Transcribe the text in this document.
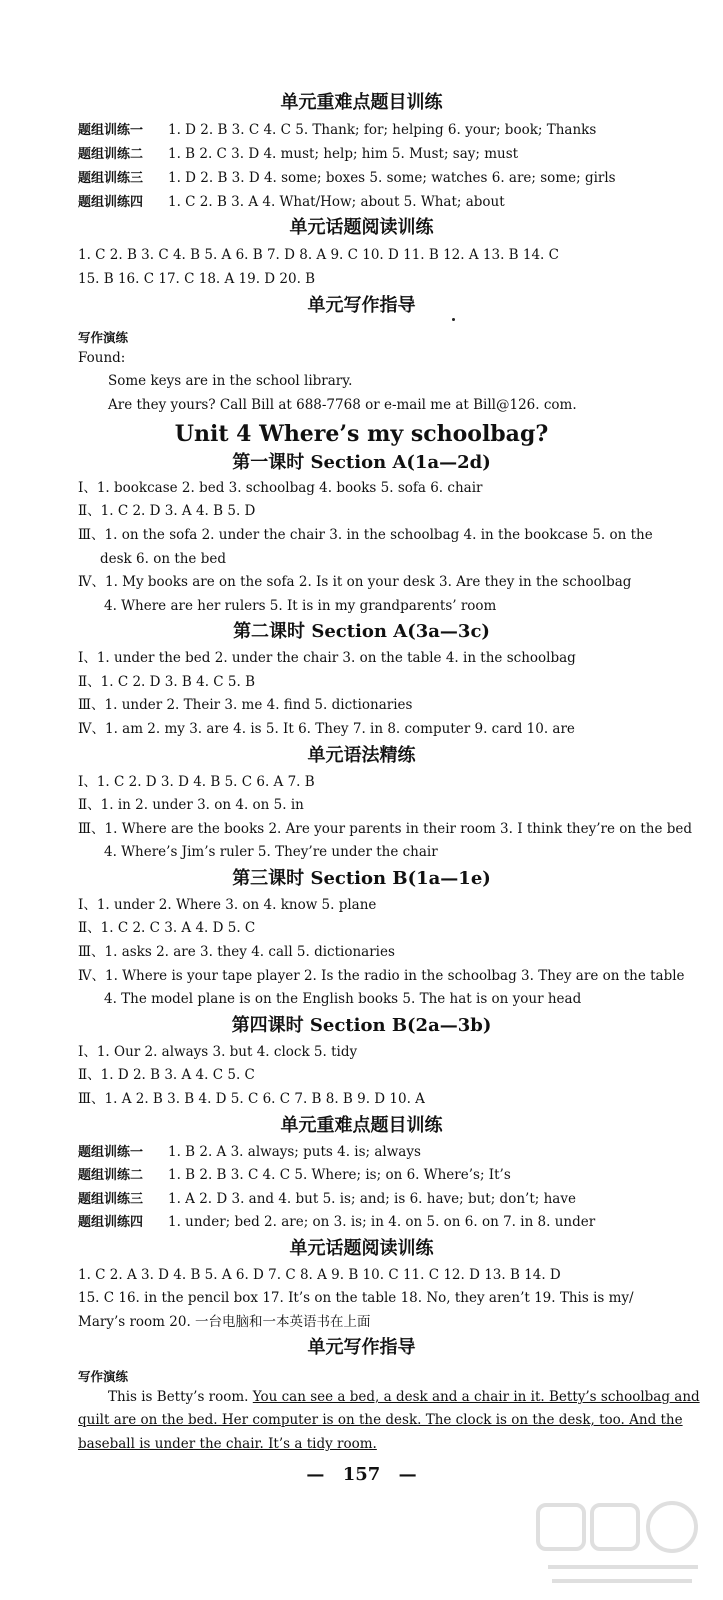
单元重难点题目训练
题组训练一 1. D 2. B 3. C 4. C 5. Thank; for; helping 6. your; book; Thanks
题组训练二 1. B 2. C 3. D 4. must; help; him 5. Must; say; must
题组训练三 1. D 2. B 3. D 4. some; boxes 5. some; watches 6. are; some; girls
题组训练四 1. C 2. B 3. A 4. What/How; about 5. What; about
单元话题阅读训练
1. C 2. B 3. C 4. B 5. A 6. B 7. D 8. A 9. C 10. D 11. B 12. A 13. B 14. C
15. B 16. C 17. C 18. A 19. D 20. B
单元写作指导
写作演练
Found:
Some keys are in the school library.
Are they yours? Call Bill at 688-7768 or e-mail me at Bill@126. com.
Unit 4 Where’s my schoolbag?
第一课时 Section A(1a—2d)
Ⅰ、1. bookcase 2. bed 3. schoolbag 4. books 5. sofa 6. chair
Ⅱ、1. C 2. D 3. A 4. B 5. D
Ⅲ、1. on the sofa 2. under the chair 3. in the schoolbag 4. in the bookcase 5. on the
desk 6. on the bed
Ⅳ、1. My books are on the sofa 2. Is it on your desk 3. Are they in the schoolbag
4. Where are her rulers 5. It is in my grandparents’ room
第二课时 Section A(3a—3c)
Ⅰ、1. under the bed 2. under the chair 3. on the table 4. in the schoolbag
Ⅱ、1. C 2. D 3. B 4. C 5. B
Ⅲ、1. under 2. Their 3. me 4. find 5. dictionaries
Ⅳ、1. am 2. my 3. are 4. is 5. It 6. They 7. in 8. computer 9. card 10. are
单元语法精练
Ⅰ、1. C 2. D 3. D 4. B 5. C 6. A 7. B
Ⅱ、1. in 2. under 3. on 4. on 5. in
Ⅲ、1. Where are the books 2. Are your parents in their room 3. I think they’re on the bed
4. Where’s Jim’s ruler 5. They’re under the chair
第三课时 Section B(1a—1e)
Ⅰ、1. under 2. Where 3. on 4. know 5. plane
Ⅱ、1. C 2. C 3. A 4. D 5. C
Ⅲ、1. asks 2. are 3. they 4. call 5. dictionaries
Ⅳ、1. Where is your tape player 2. Is the radio in the schoolbag 3. They are on the table
4. The model plane is on the English books 5. The hat is on your head
第四课时 Section B(2a—3b)
Ⅰ、1. Our 2. always 3. but 4. clock 5. tidy
Ⅱ、1. D 2. B 3. A 4. C 5. C
Ⅲ、1. A 2. B 3. B 4. D 5. C 6. C 7. B 8. B 9. D 10. A
单元重难点题目训练
题组训练一 1. B 2. A 3. always; puts 4. is; always
题组训练二 1. B 2. B 3. C 4. C 5. Where; is; on 6. Where’s; It’s
题组训练三 1. A 2. D 3. and 4. but 5. is; and; is 6. have; but; don’t; have
题组训练四 1. under; bed 2. are; on 3. is; in 4. on 5. on 6. on 7. in 8. under
单元话题阅读训练
1. C 2. A 3. D 4. B 5. A 6. D 7. C 8. A 9. B 10. C 11. C 12. D 13. B 14. D
15. C 16. in the pencil box 17. It’s on the table 18. No, they aren’t 19. This is my/
Mary’s room 20. 一台电脑和一本英语书在上面
单元写作指导
写作演练
This is Betty’s room. You can see a bed, a desk and a chair in it. Betty’s schoolbag and
quilt are on the bed. Her computer is on the desk. The clock is on the desk, too. And the
baseball is under the chair. It’s a tidy room.
— 157 —
